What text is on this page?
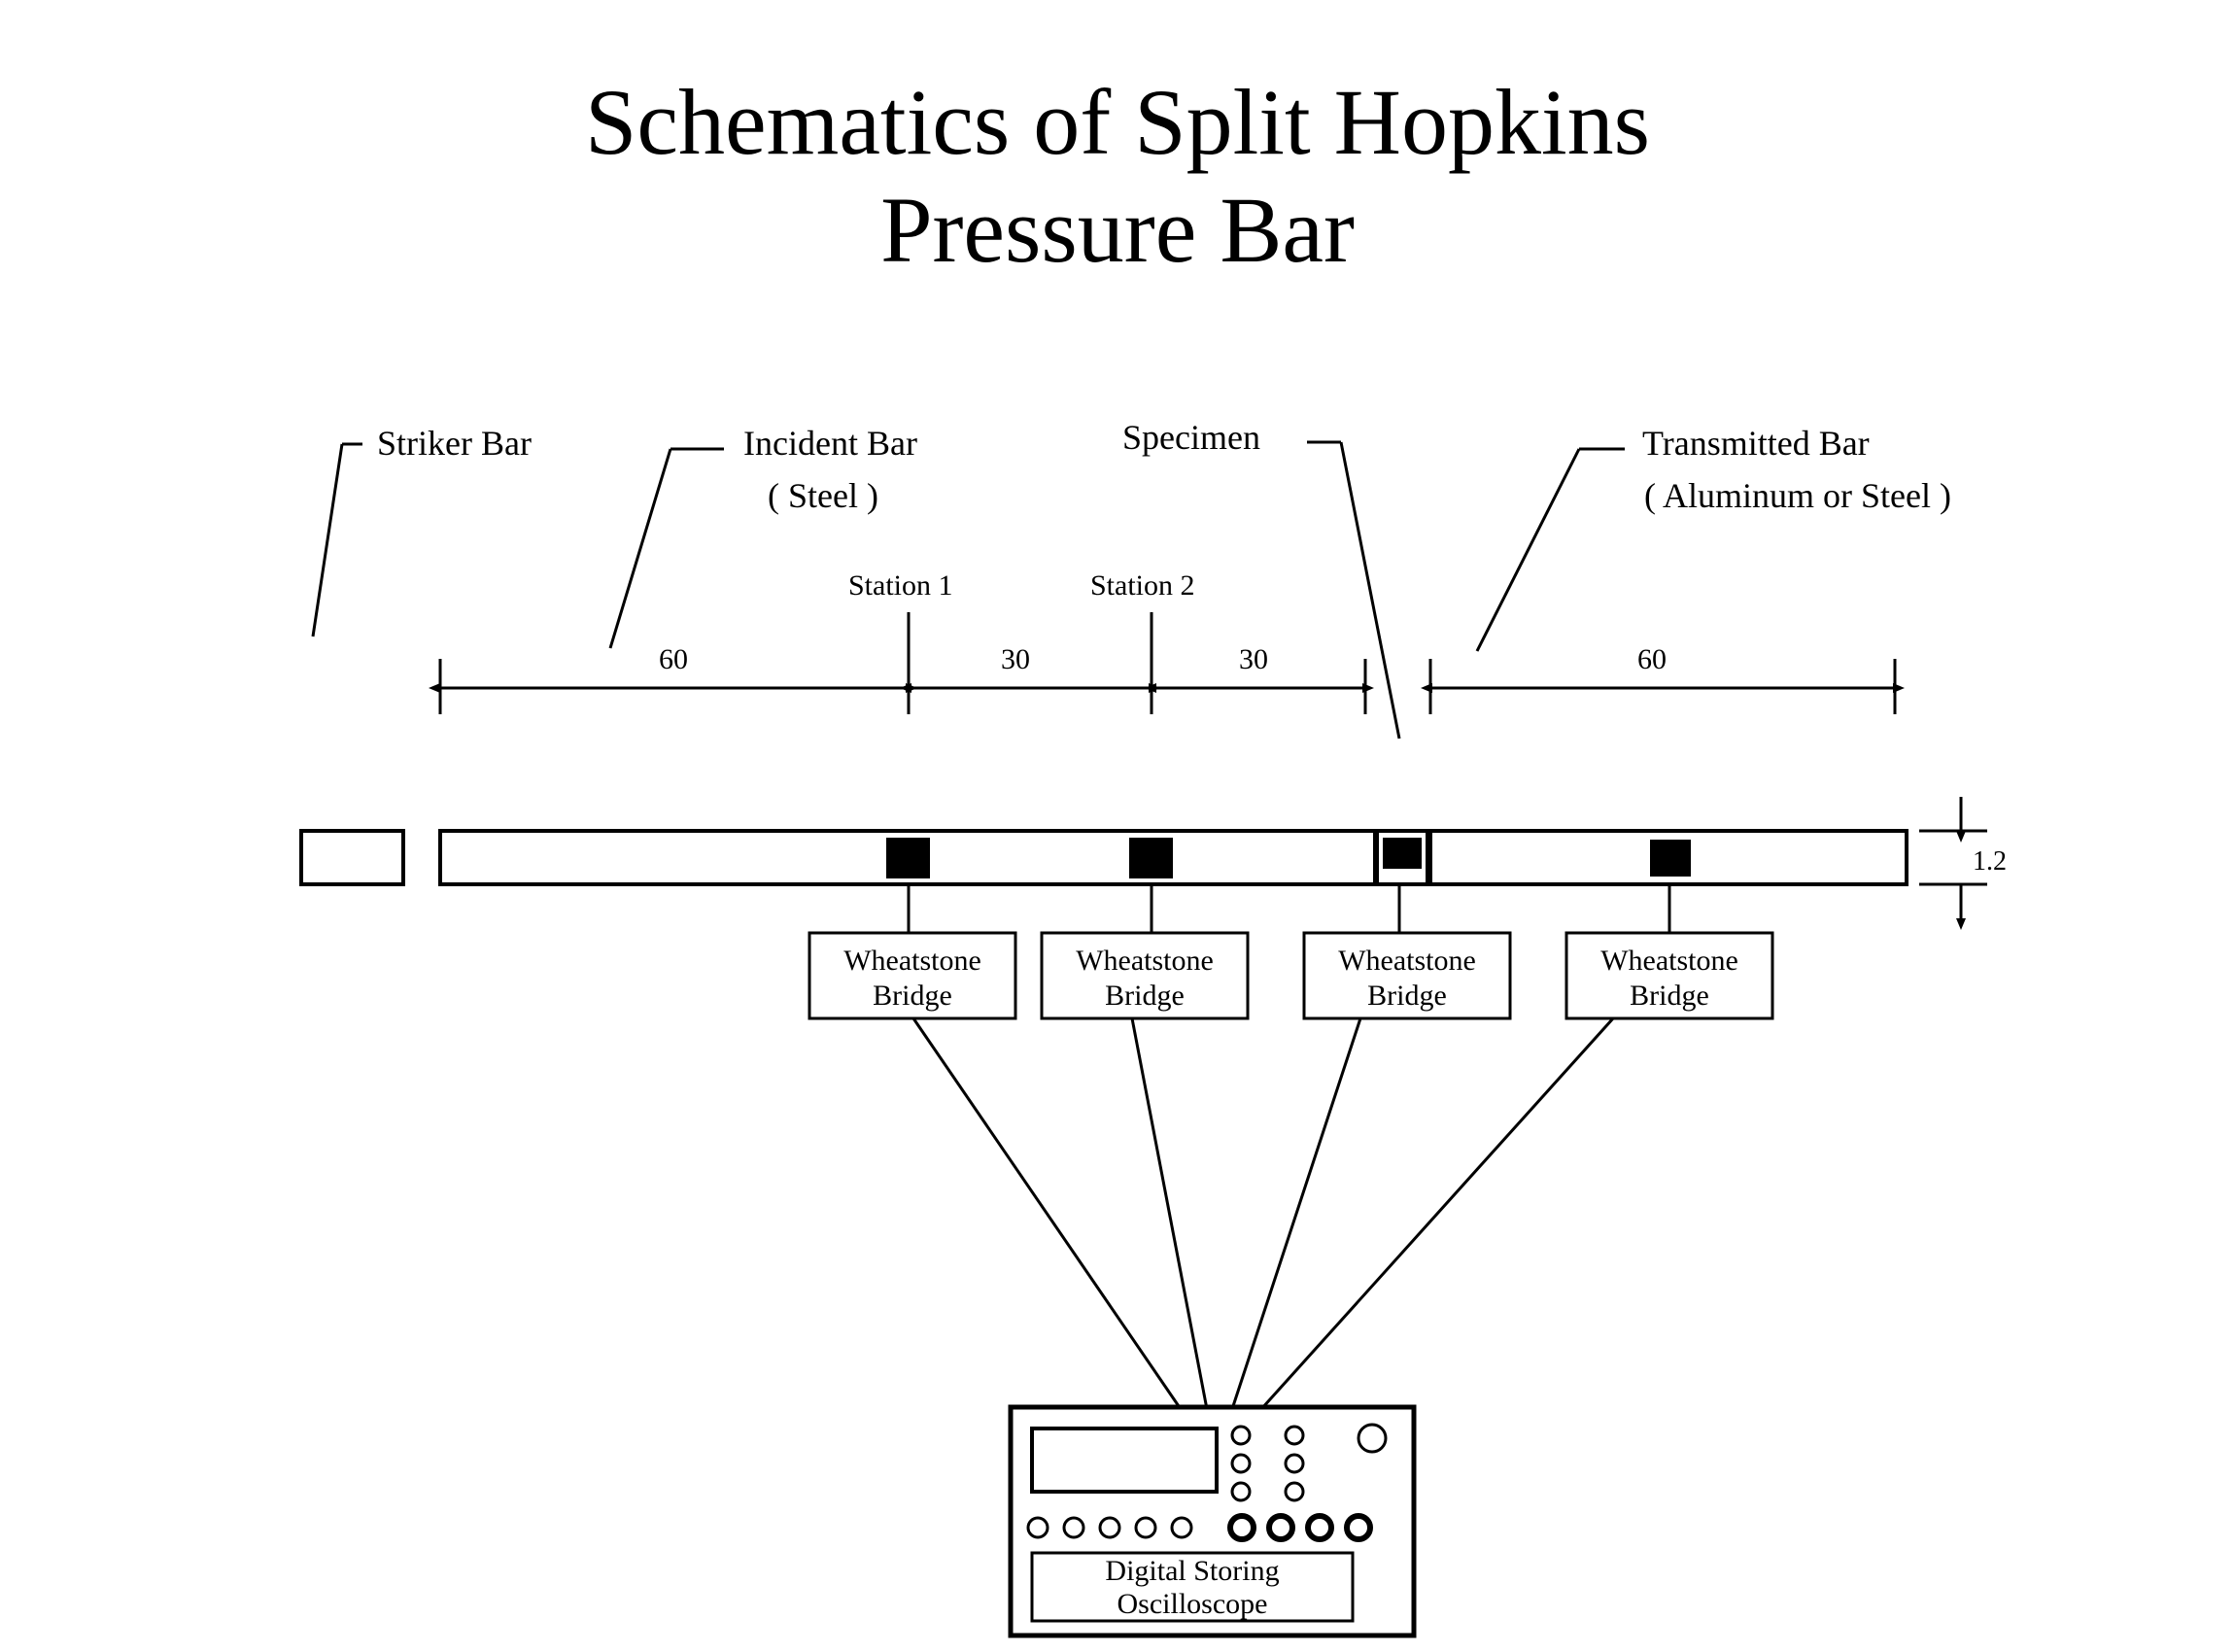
Schematics of Split Hopkins
Pressure Bar
Striker Bar	Incident Bar
( Steel )
Specimen	Transmitted Bar
( Aluminum or Steel )
Station 1	Station 2
60	30	30	60
1.2
Wheatstone
Bridge
Wheatstone
Bridge
Wheatstone
Bridge
Wheatstone
Bridge
Digital Storing
Oscilloscope
